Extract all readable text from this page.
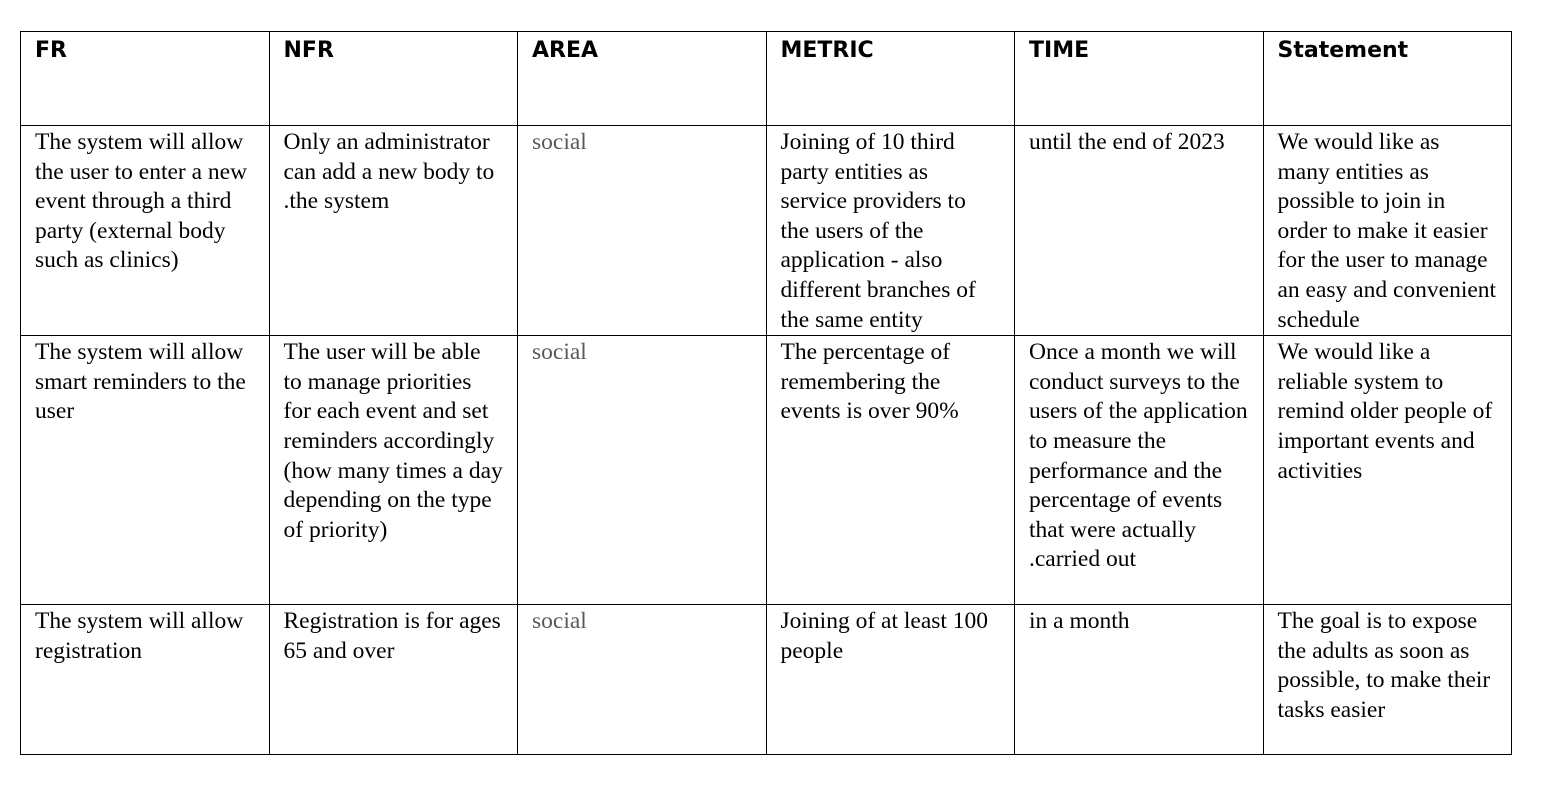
FR	NFR	AREA	METRIC	TIME	Statement
The system will allow the user to enter a new event through a third party (external body such as clinics)	Only an administrator can add a new body to .the system	social	Joining of 10 third party entities as service providers to the users of the application - also different branches of the same entity	until the end of 2023	We would like as many entities as possible to join in order to make it easier for the user to manage an easy and convenient schedule
The system will allow smart reminders to the user	The user will be able to manage priorities for each event and set reminders accordingly (how many times a day depending on the type of priority)	social	The percentage of remembering the events is over 90%	Once a month we will conduct surveys to the users of the application to measure the performance and the percentage of events that were actually .carried out	We would like a reliable system to remind older people of important events and activities
The system will allow registration	Registration is for ages 65 and over	social	Joining of at least 100 people	in a month	The goal is to expose the adults as soon as possible, to make their tasks easier
